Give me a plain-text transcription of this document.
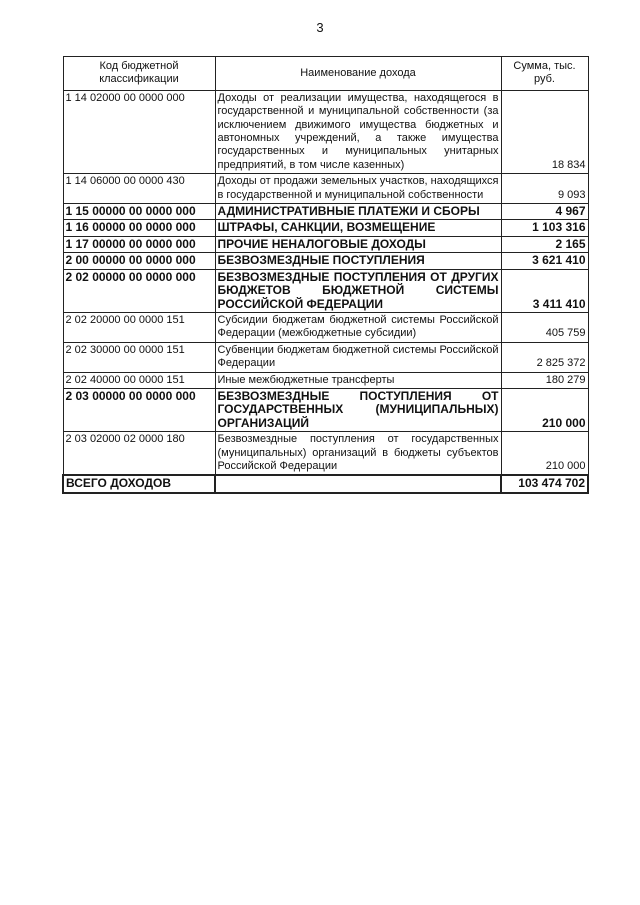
3
Код бюджетной классификации	Наименование дохода	Сумма, тыс. руб.
1 14 02000 00 0000 000	Доходы от реализации имущества, находящегося в государственной и муниципальной собственности (за исключением движимого имущества бюджетных и автономных учреждений, а также имущества государственных и муниципальных унитарных предприятий, в том числе казенных)	18 834
1 14 06000 00 0000 430	Доходы от продажи земельных участков, находящихся в государственной и муниципальной собственности	9 093
1 15 00000 00 0000 000	АДМИНИСТРАТИВНЫЕ ПЛАТЕЖИ И СБОРЫ	4 967
1 16 00000 00 0000 000	ШТРАФЫ, САНКЦИИ, ВОЗМЕЩЕНИЕ	1 103 316
1 17 00000 00 0000 000	ПРОЧИЕ НЕНАЛОГОВЫЕ ДОХОДЫ	2 165
2 00 00000 00 0000 000	БЕЗВОЗМЕЗДНЫЕ ПОСТУПЛЕНИЯ	3 621 410
2 02 00000 00 0000 000	БЕЗВОЗМЕЗДНЫЕ ПОСТУПЛЕНИЯ ОТ ДРУГИХ БЮДЖЕТОВ БЮДЖЕТНОЙ СИСТЕМЫ РОССИЙСКОЙ ФЕДЕРАЦИИ	3 411 410
2 02 20000 00 0000 151	Субсидии бюджетам бюджетной системы Российской Федерации (межбюджетные субсидии)	405 759
2 02 30000 00 0000 151	Субвенции бюджетам бюджетной системы Российской Федерации	2 825 372
2 02 40000 00 0000 151	Иные межбюджетные трансферты	180 279
2 03 00000 00 0000 000	БЕЗВОЗМЕЗДНЫЕ ПОСТУПЛЕНИЯ ОТ ГОСУДАРСТВЕННЫХ (МУНИЦИПАЛЬНЫХ) ОРГАНИЗАЦИЙ	210 000
2 03 02000 02 0000 180	Безвозмездные поступления от государственных (муниципальных) организаций в бюджеты субъектов Российской Федерации	210 000
ВСЕГО ДОХОДОВ		103 474 702
